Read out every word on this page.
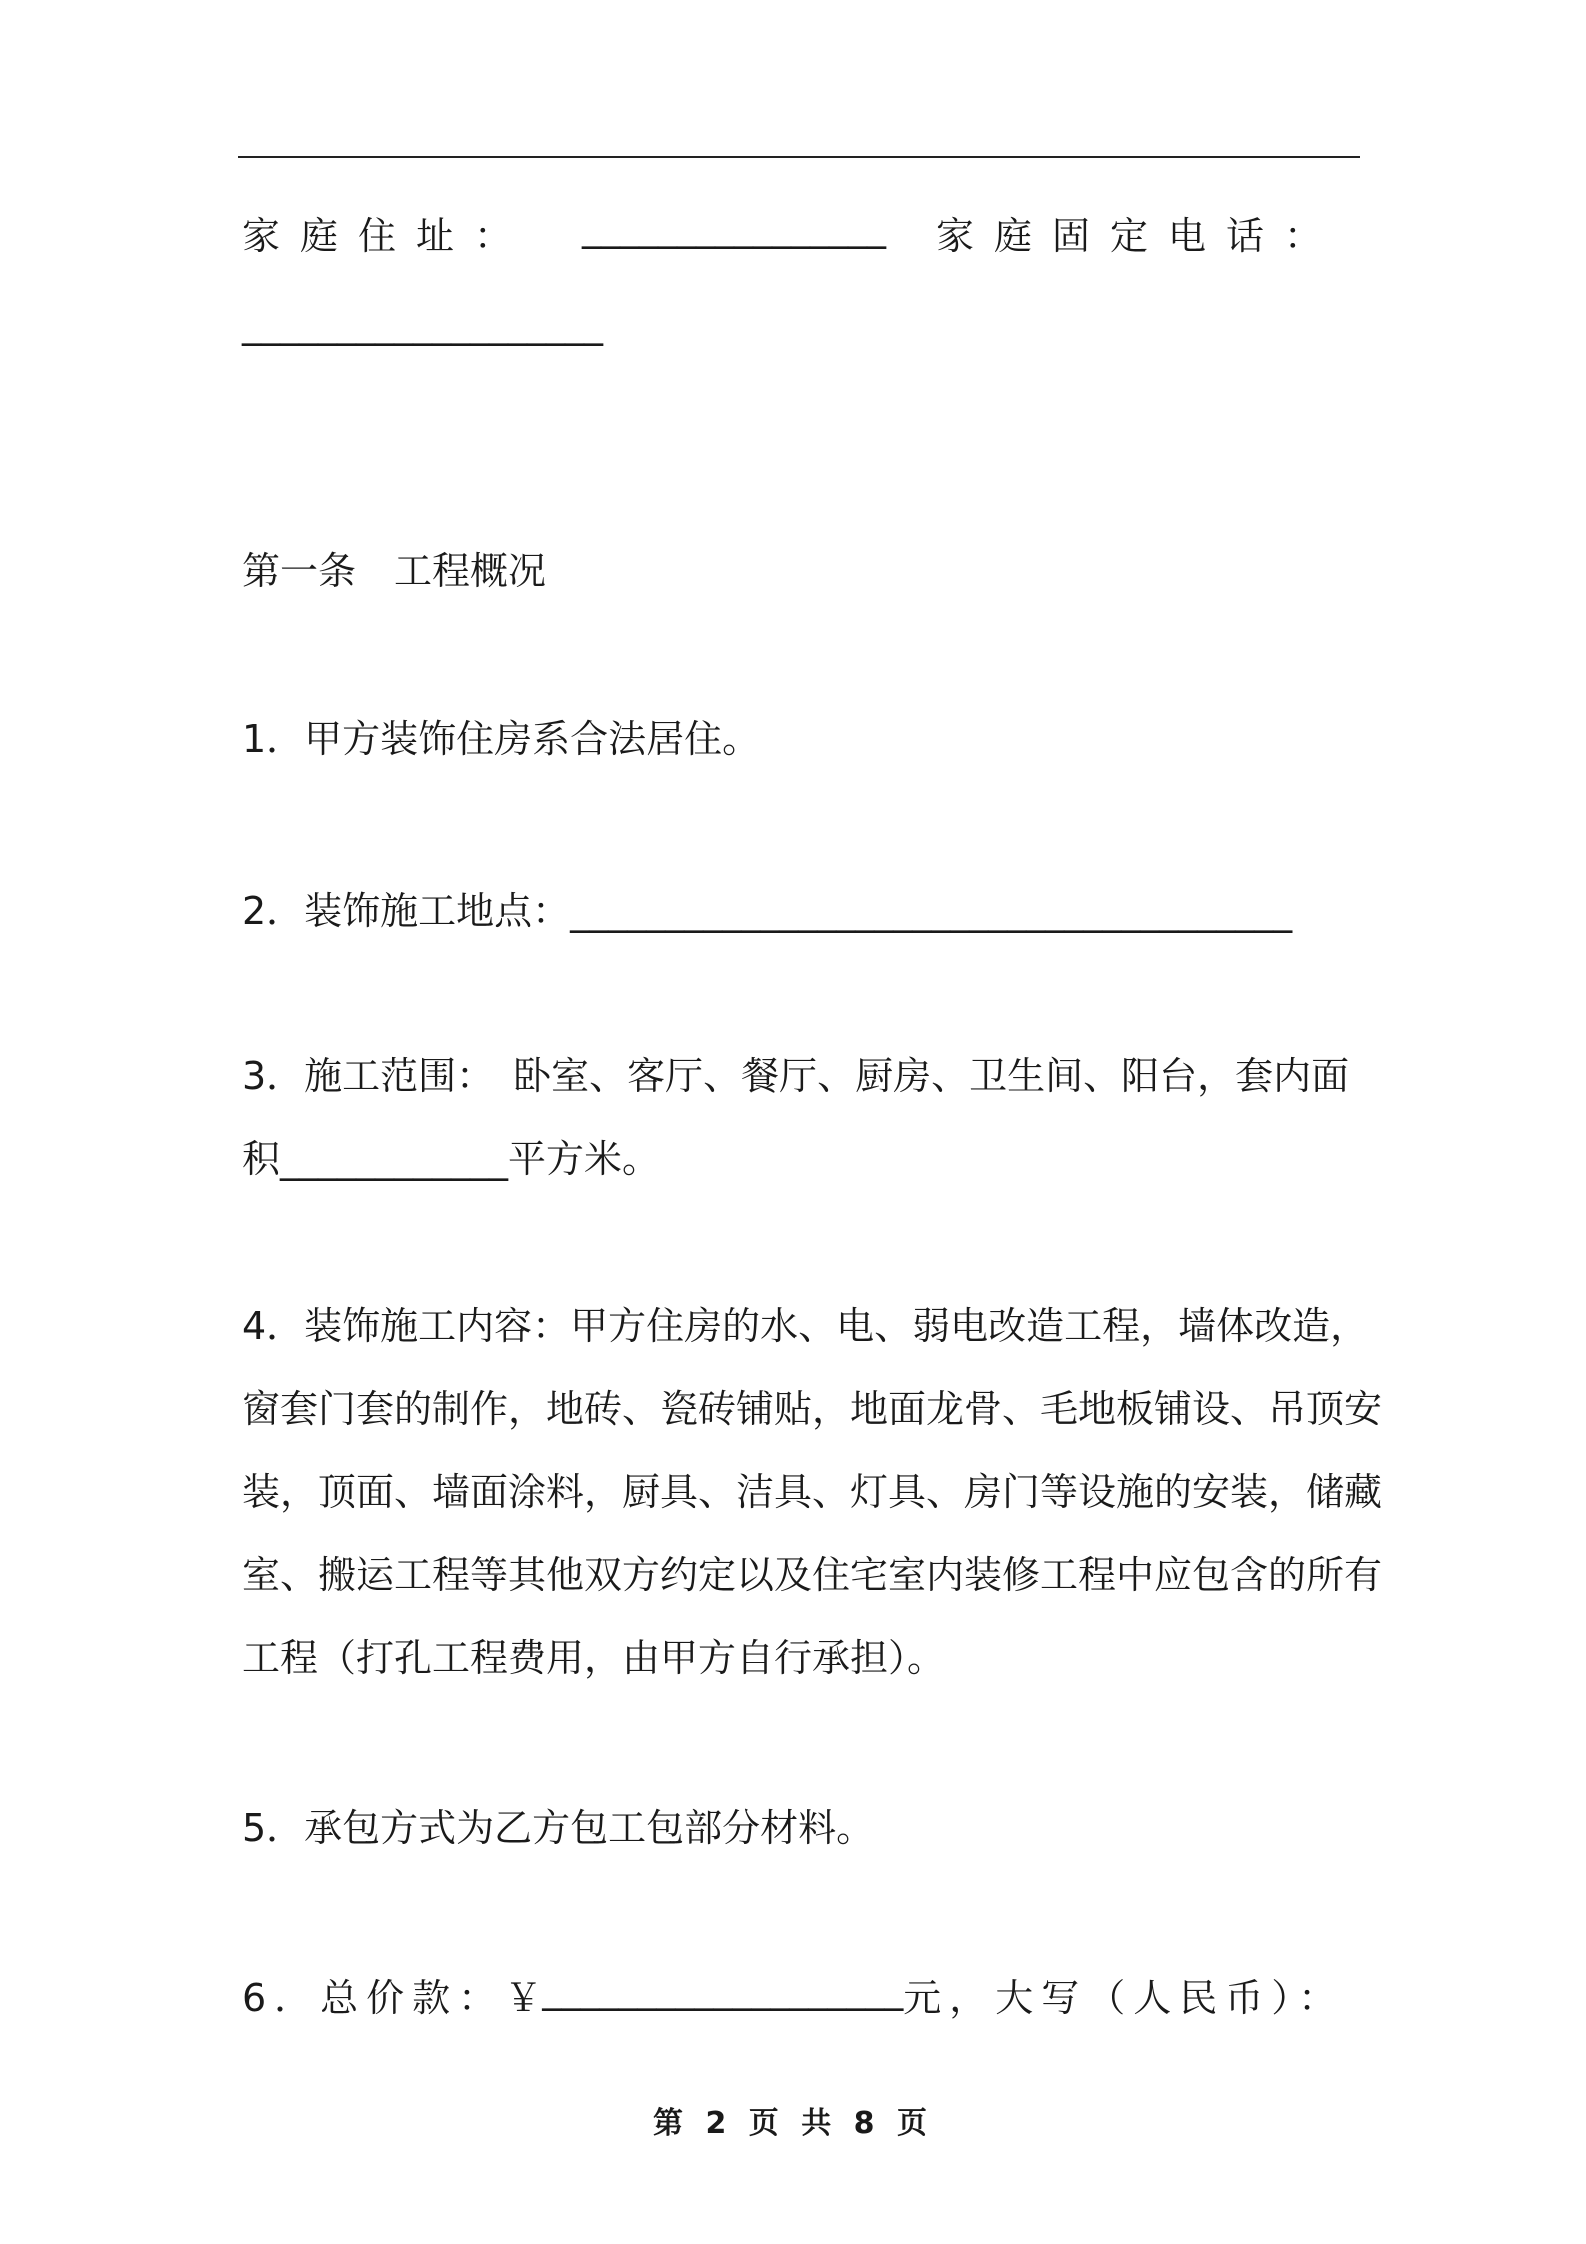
家庭住址： ________________ 家庭固定电话：
___________________
第一条　工程概况
1．甲方装饰住房系合法居住。
2．装饰施工地点：______________________________________
3．施工范围：　卧室、客厅、餐厅、厨房、卫生间、阳台，套内面
积____________平方米。
4．装饰施工内容：甲方住房的水、电、弱电改造工程，墙体改造，
窗套门套的制作，地砖、瓷砖铺贴，地面龙骨、毛地板铺设、吊顶安
装，顶面、墙面涂料，厨具、洁具、灯具、房门等设施的安装，储藏
室、搬运工程等其他双方约定以及住宅室内装修工程中应包含的所有
工程（打孔工程费用，由甲方自行承担）。
5．承包方式为乙方包工包部分材料。
6．总价款： ￥ ___________________ 元， 大写（人民币）：
第 2 页 共 8 页
